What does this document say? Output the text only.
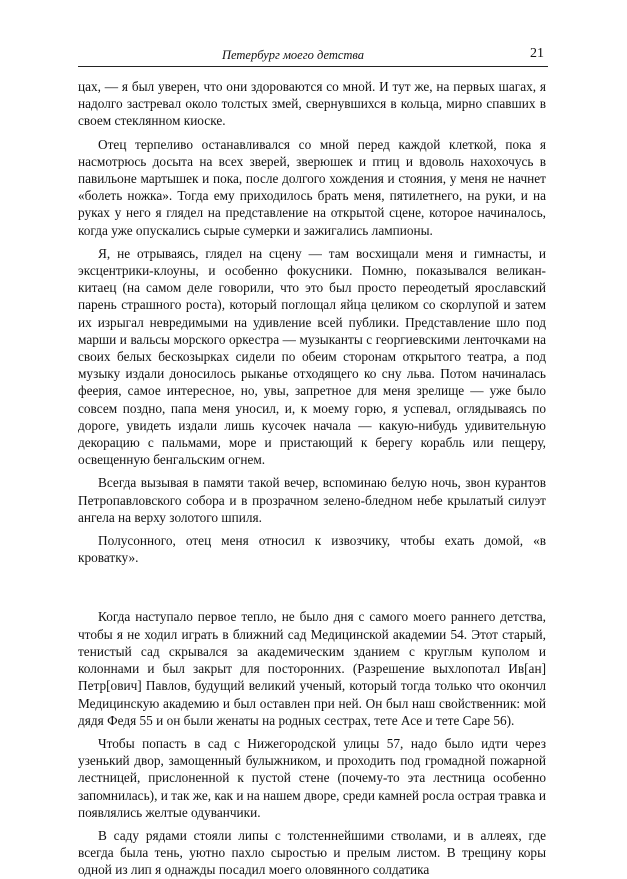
Петербург моего детства	21

цах, — я был уверен, что они здороваются со мной. И тут же, на первых шагах, я надолго застревал около толстых змей, свернувшихся в кольца, мирно спавших в своем стеклянном киоске.

Отец терпеливо останавливался со мной перед каждой клеткой, пока я насмотрюсь досыта на всех зверей, зверюшек и птиц и вдоволь нахохочусь в павильоне мартышек и пока, после долгого хождения и стояния, у меня не начнет «болеть ножка». Тогда ему приходилось брать меня, пятилетнего, на руки, и на руках у него я глядел на представление на открытой сцене, которое начиналось, когда уже опускались сырые сумерки и зажигались лампионы.

Я, не отрываясь, глядел на сцену — там восхищали меня и гимнасты, и эксцентрики-клоуны, и особенно фокусники. Помню, показывался великан-китаец (на самом деле говорили, что это был просто переодетый ярославский парень страшного роста), который поглощал яйца целиком со скорлупой и затем их изрыгал невредимыми на удивление всей публики. Представление шло под марши и вальсы морского оркестра — музыканты с георгиевскими ленточками на своих белых бескозырках сидели по обеим сторонам открытого театра, а под музыку издали доносилось рыканье отходящего ко сну льва. Потом начиналась феерия, самое интересное, но, увы, запретное для меня зрелище — уже было совсем поздно, папа меня уносил, и, к моему горю, я успевал, оглядываясь по дороге, увидеть издали лишь кусочек начала — какую-нибудь удивительную декорацию с пальмами, море и пристающий к берегу корабль или пещеру, освещенную бенгальским огнем.

Всегда вызывая в памяти такой вечер, вспоминаю белую ночь, звон курантов Петропавловского собора и в прозрачном зелено-бледном небе крылатый силуэт ангела на верху золотого шпиля.

Полусонного, отец меня относил к извозчику, чтобы ехать домой, «в кроватку».

Когда наступало первое тепло, не было дня с самого моего раннего детства, чтобы я не ходил играть в ближний сад Медицинской академии 54. Этот старый, тенистый сад скрывался за академическим зданием с круглым куполом и колоннами и был закрыт для посторонних. (Разрешение выхлопотал Ив[ан] Петр[ович] Павлов, будущий великий ученый, который тогда только что окончил Медицинскую академию и был оставлен при ней. Он был наш свойственник: мой дядя Федя 55 и он были женаты на родных сестрах, тете Асе и тете Саре 56).

Чтобы попасть в сад с Нижегородской улицы 57, надо было идти через узенький двор, замощенный булыжником, и проходить под громадной пожарной лестницей, прислоненной к пустой стене (почему-то эта лестница особенно запомнилась), и так же, как и на нашем дворе, среди камней росла острая травка и появлялись желтые одуванчики.

В саду рядами стояли липы с толстеннейшими стволами, и в аллеях, где всегда была тень, уютно пахло сыростью и прелым листом. В трещину коры одной из лип я однажды посадил моего оловянного солдатика
